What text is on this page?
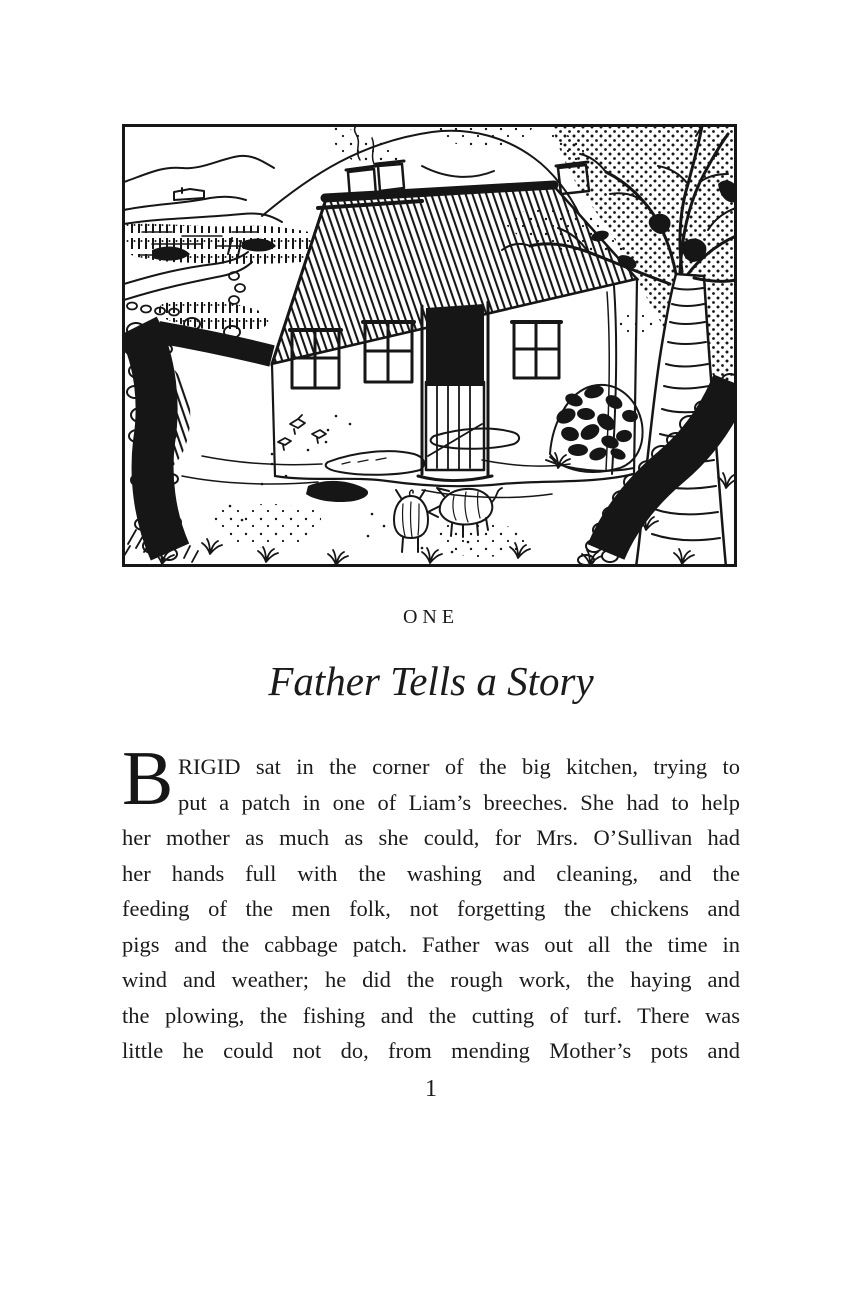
ONE
Father Tells a Story
B RIGID sat in the corner of the big kitchen, trying to
put a patch in one of Liam’s breeches. She had to help
her mother as much as she could, for Mrs. O’Sullivan had
her hands full with the washing and cleaning, and the
feeding of the men folk, not forgetting the chickens and
pigs and the cabbage patch. Father was out all the time in
wind and weather; he did the rough work, the haying and
the plowing, the fishing and the cutting of turf. There was
little he could not do, from mending Mother’s pots and
1
